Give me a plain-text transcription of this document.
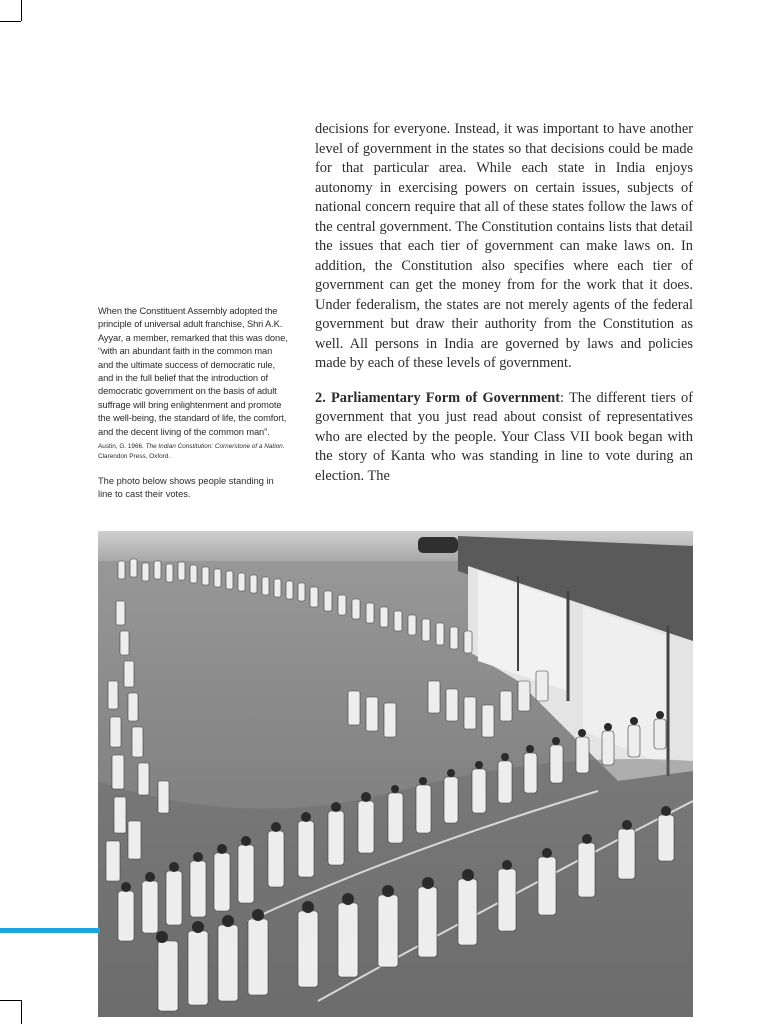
decisions for everyone. Instead, it was important to have another level of government in the states so that decisions could be made for that particular area. While each state in India enjoys autonomy in exercising powers on certain issues, subjects of national concern require that all of these states follow the laws of the central government. The Constitution contains lists that detail the issues that each tier of government can make laws on. In addition, the Constitution also specifies where each tier of government can get the money from for the work that it does. Under federalism, the states are not merely agents of the federal government but draw their authority from the Constitution as well. All persons in India are governed by laws and policies made by each of these levels of government.

2. Parliamentary Form of Government: The different tiers of government that you just read about consist of representatives who are elected by the people. Your Class VII book began with the story of Kanta who was standing in line to vote during an election. The

When the Constituent Assembly adopted the principle of universal adult franchise, Shri A.K. Ayyar, a member, remarked that this was done, “with an abundant faith in the common man and the ultimate success of democratic rule, and in the full belief that the introduction of democratic government on the basis of adult suffrage will bring enlightenment and promote the well-being, the standard of life, the comfort, and the decent living of the common man”.

Austin, G. 1966. The Indian Constitution: Cornerstone of a Nation. Clarendon Press, Oxford.

The photo below shows people standing in line to cast their votes.
